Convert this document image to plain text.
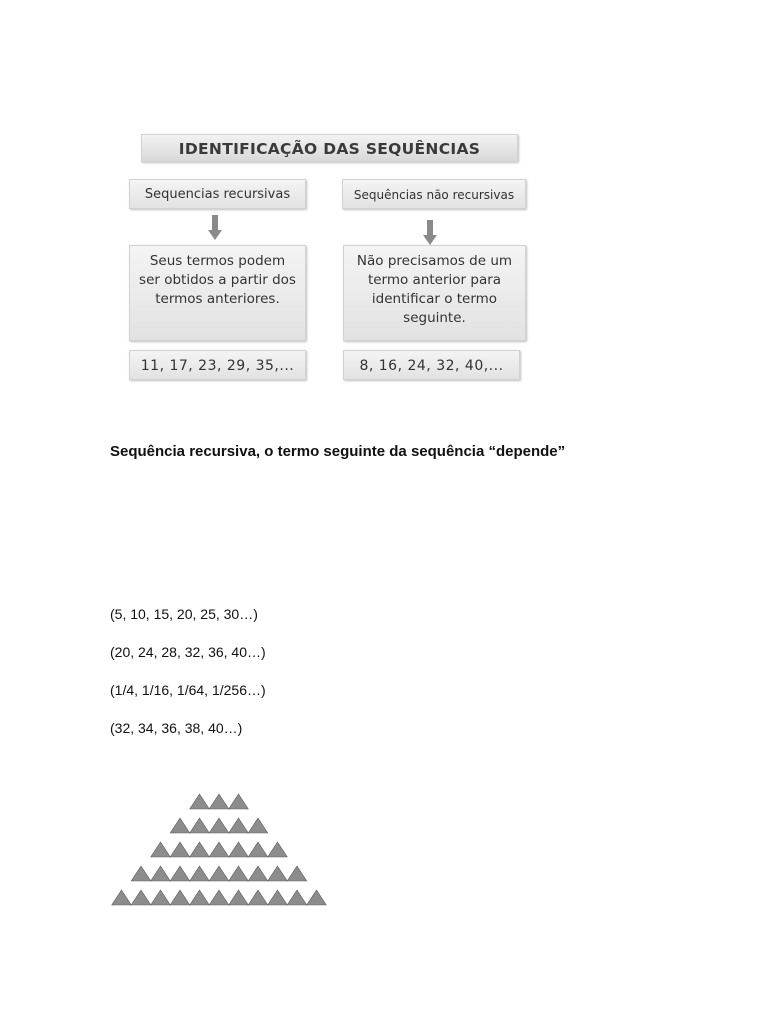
IDENTIFICAÇÃO DAS SEQUÊNCIAS
Sequencias recursivas	Sequências não recursivas
Seus termos podem
ser obtidos a partir dos
termos anteriores.
Não precisamos de um
termo anterior para
identificar o termo
seguinte.
11, 17, 23, 29, 35,...	8, 16, 24, 32, 40,...
Sequência recursiva, o termo seguinte da sequência “depende”
(5, 10, 15, 20, 25, 30…)
(20, 24, 28, 32, 36, 40…)
(1/4, 1/16, 1/64, 1/256…)
(32, 34, 36, 38, 40…)
